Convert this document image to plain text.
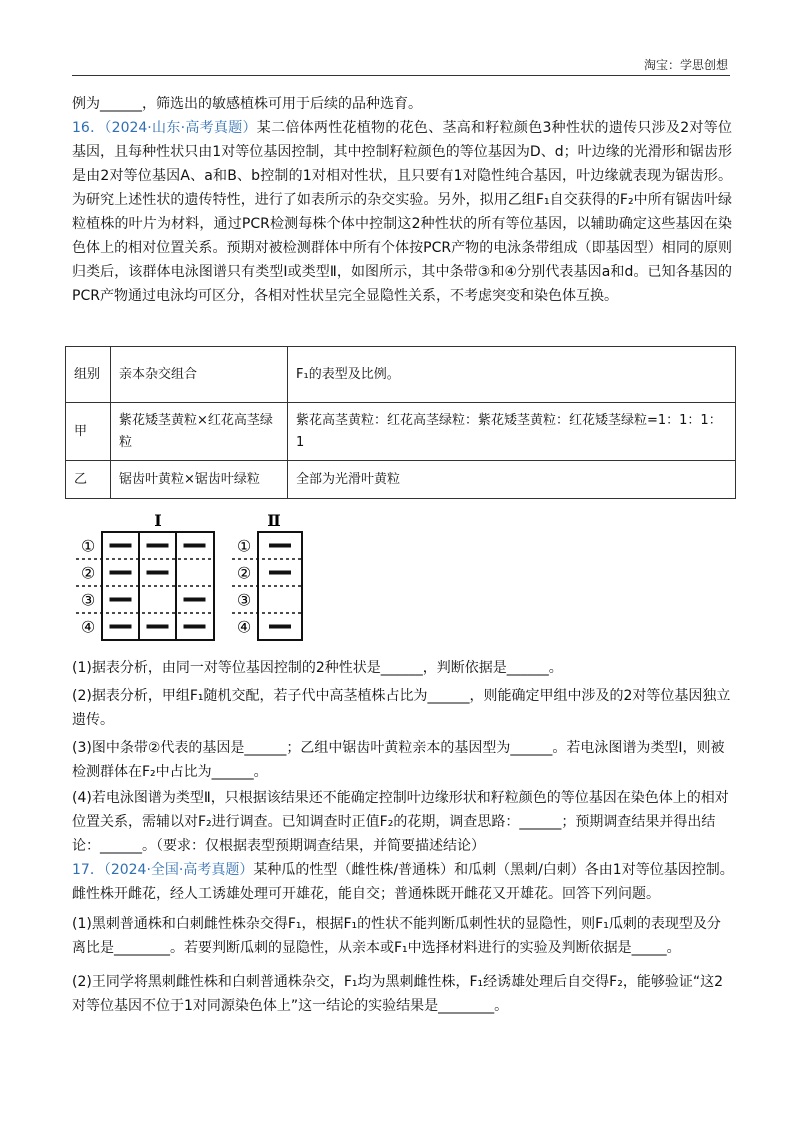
淘宝：学思创想
例为______，筛选出的敏感植株可用于后续的品种选育。
16．（2024·山东·高考真题）某二倍体两性花植物的花色、茎高和籽粒颜色3种性状的遗传只涉及2对等位基因，且每种性状只由1对等位基因控制，其中控制籽粒颜色的等位基因为D、d；叶边缘的光滑形和锯齿形是由2对等位基因A、a和B、b控制的1对相对性状，且只要有1对隐性纯合基因，叶边缘就表现为锯齿形。为研究上述性状的遗传特性，进行了如表所示的杂交实验。另外，拟用乙组F₁自交获得的F₂中所有锯齿叶绿粒植株的叶片为材料，通过PCR检测每株个体中控制这2种性状的所有等位基因，以辅助确定这些基因在染色体上的相对位置关系。预期对被检测群体中所有个体按PCR产物的电泳条带组成（即基因型）相同的原则归类后，该群体电泳图谱只有类型Ⅰ或类型Ⅱ，如图所示，其中条带③和④分别代表基因a和d。已知各基因的PCR产物通过电泳均可区分，各相对性状呈完全显隐性关系，不考虑突变和染色体互换。
组别	亲本杂交组合	F₁的表型及比例。
甲	紫花矮茎黄粒×红花高茎绿粒	紫花高茎黄粒：红花高茎绿粒：紫花矮茎黄粒：红花矮茎绿粒=1：1：1：1
乙	锯齿叶黄粒×锯齿叶绿粒	全部为光滑叶黄粒
Ⅰ	Ⅱ
①	①
②	②
③	③
④	④
(1)据表分析，由同一对等位基因控制的2种性状是______，判断依据是______。
(2)据表分析，甲组F₁随机交配，若子代中高茎植株占比为______，则能确定甲组中涉及的2对等位基因独立遗传。
(3)图中条带②代表的基因是______；乙组中锯齿叶黄粒亲本的基因型为______。若电泳图谱为类型Ⅰ，则被检测群体在F₂中占比为______。
(4)若电泳图谱为类型Ⅱ，只根据该结果还不能确定控制叶边缘形状和籽粒颜色的等位基因在染色体上的相对位置关系，需辅以对F₂进行调查。已知调查时正值F₂的花期，调查思路：______；预期调查结果并得出结论：______。（要求：仅根据表型预期调查结果，并简要描述结论）
17．（2024·全国·高考真题）某种瓜的性型（雌性株/普通株）和瓜刺（黑刺/白刺）各由1对等位基因控制。雌性株开雌花，经人工诱雄处理可开雄花，能自交；普通株既开雌花又开雄花。回答下列问题。
(1)黑刺普通株和白刺雌性株杂交得F₁，根据F₁的性状不能判断瓜刺性状的显隐性，则F₁瓜刺的表现型及分离比是________。若要判断瓜刺的显隐性，从亲本或F₁中选择材料进行的实验及判断依据是_____。
(2)王同学将黑刺雌性株和白刺普通株杂交，F₁均为黑刺雌性株，F₁经诱雄处理后自交得F₂，能够验证“这2对等位基因不位于1对同源染色体上”这一结论的实验结果是________。
